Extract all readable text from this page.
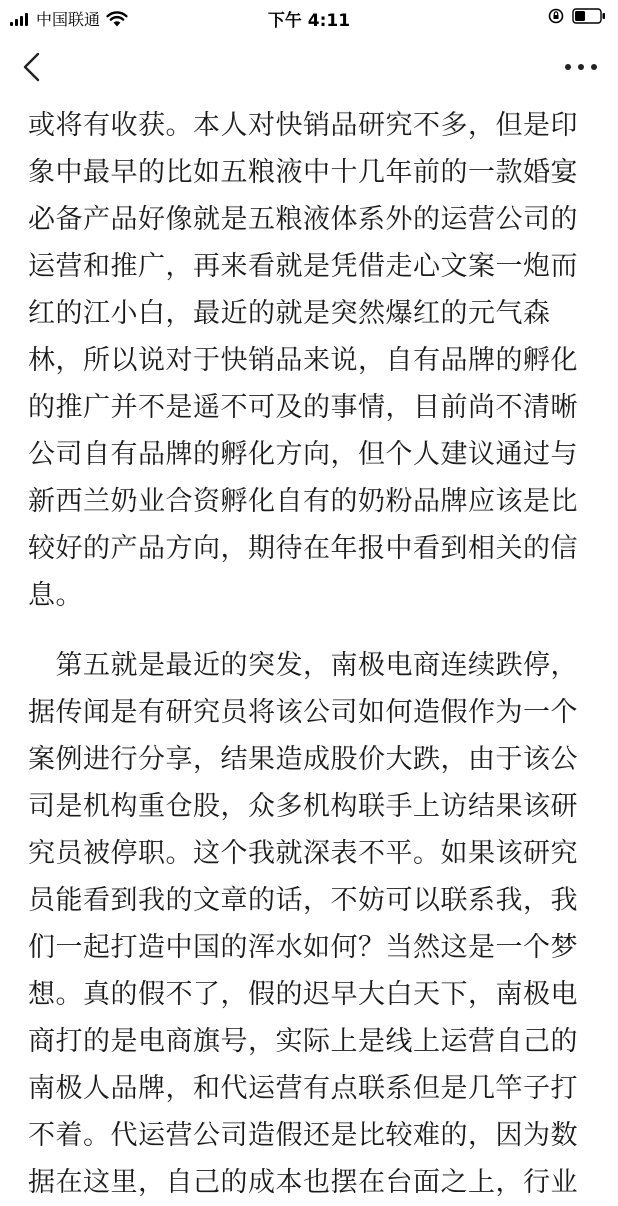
中国联通	下午 4:11

或将有收获。本人对快销品研究不多，但是印象中最早的比如五粮液中十几年前的一款婚宴必备产品好像就是五粮液体系外的运营公司的运营和推广，再来看就是凭借走心文案一炮而红的江小白，最近的就是突然爆红的元气森林，所以说对于快销品来说，自有品牌的孵化的推广并不是遥不可及的事情，目前尚不清晰公司自有品牌的孵化方向，但个人建议通过与新西兰奶业合资孵化自有的奶粉品牌应该是比较好的产品方向，期待在年报中看到相关的信息。

　第五就是最近的突发，南极电商连续跌停，据传闻是有研究员将该公司如何造假作为一个案例进行分享，结果造成股价大跌，由于该公司是机构重仓股，众多机构联手上访结果该研究员被停职。这个我就深表不平。如果该研究员能看到我的文章的话，不妨可以联系我，我们一起打造中国的浑水如何？当然这是一个梦想。真的假不了，假的迟早大白天下，南极电商打的是电商旗号，实际上是线上运营自己的南极人品牌，和代运营有点联系但是几竿子打不着。代运营公司造假还是比较难的，因为数据在这里，自己的成本也摆在台面之上，行业
